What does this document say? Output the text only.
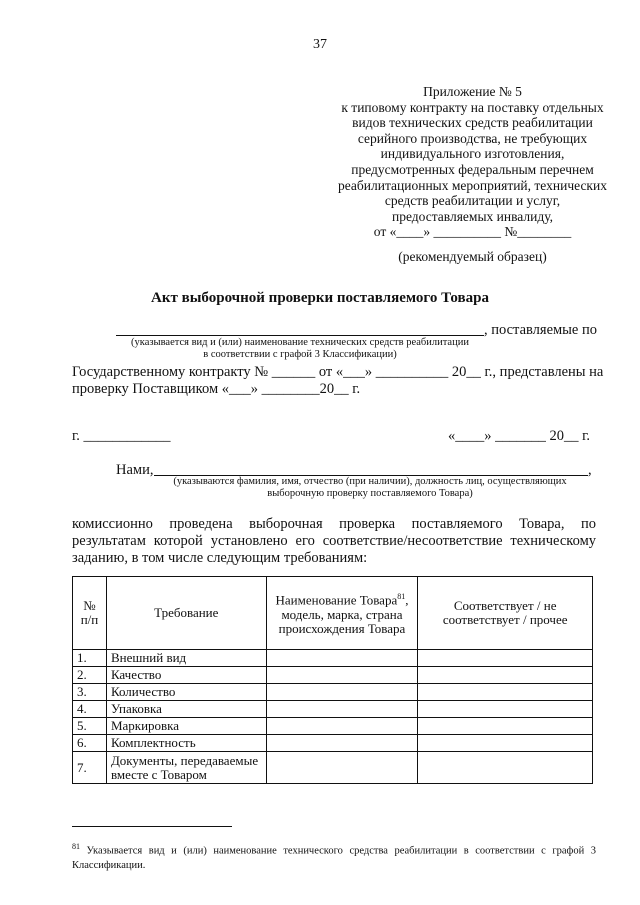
37
Приложение № 5
к типовому контракту на поставку отдельных
видов технических средств реабилитации
серийного производства, не требующих
индивидуального изготовления,
предусмотренных федеральным перечнем
реабилитационных мероприятий, технических
средств реабилитации и услуг,
предоставляемых инвалиду,
от «____» __________ №________
(рекомендуемый образец)
Акт выборочной проверки поставляемого Товара
, поставляемые по
(указывается вид и (или) наименование технических средств реабилитации
в соответствии с графой 3 Классификации)
Государственному контракту № ______ от «___» __________ 20__ г., представлены на
проверку Поставщиком «___» ________20__ г.
г. ____________	«____» _______ 20__ г.
Нами,	,
(указываются фамилия, имя, отчество (при наличии), должность лиц, осуществляющих
выборочную проверку поставляемого Товара)
комиссионно проведена выборочная проверка поставляемого Товара, по результатам которой установлено его соответствие/несоответствие техническому заданию, в том числе следующим требованиям:
№ п/п	Требование	Наименование Товара$^{81}$, модель, марка, страна происхождения Товара	Соответствует / не соответствует / прочее
1.	Внешний вид		
2.	Качество		
3.	Количество		
4.	Упаковка		
5.	Маркировка		
6.	Комплектность		
7.	Документы, передаваемые вместе с Товаром		
$^{81}$ Указывается вид и (или) наименование технического средства реабилитации в соответствии с графой 3 Классификации.
